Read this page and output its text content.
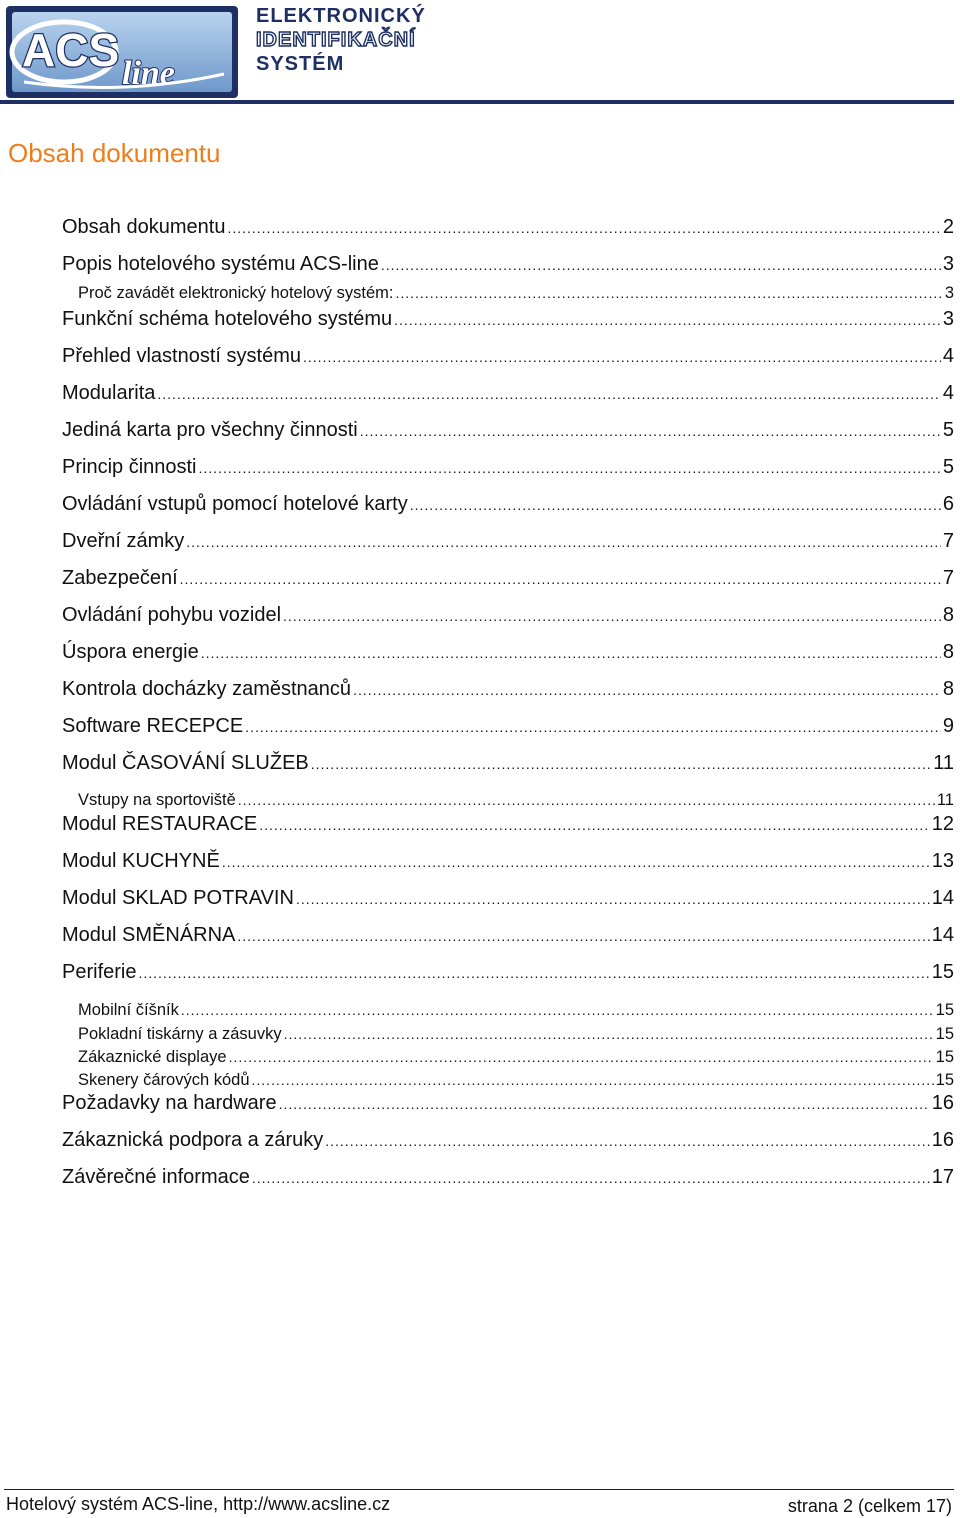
ACS line
ELEKTRONICKÝ
IDENTIFIKAČNÍ
SYSTÉM
Obsah dokumentu
Obsah dokumentu .....	2
Popis hotelového systému ACS-line .....	3
Proč zavádět elektronický hotelový systém: .....	3
Funkční schéma hotelového systému .....	3
Přehled vlastností systému .....	4
Modularita .....	4
Jediná karta pro všechny činnosti .....	5
Princip činnosti .....	5
Ovládání vstupů pomocí hotelové karty .....	6
Dveřní zámky .....	7
Zabezpečení .....	7
Ovládání pohybu vozidel .....	8
Úspora energie .....	8
Kontrola docházky zaměstnanců .....	8
Software RECEPCE .....	9
Modul ČASOVÁNÍ SLUŽEB .....	11
Vstupy na sportoviště .....	11
Modul RESTAURACE .....	12
Modul KUCHYNĚ .....	13
Modul SKLAD POTRAVIN .....	14
Modul SMĚNÁRNA .....	14
Periferie .....	15
Mobilní číšník .....	15
Pokladní tiskárny a zásuvky .....	15
Zákaznické displaye .....	15
Skenery čárových kódů .....	15
Požadavky na hardware .....	16
Zákaznická podpora a záruky .....	16
Závěrečné informace .....	17
Hotelový systém ACS-line, http://www.acsline.cz	strana 2 (celkem 17)
